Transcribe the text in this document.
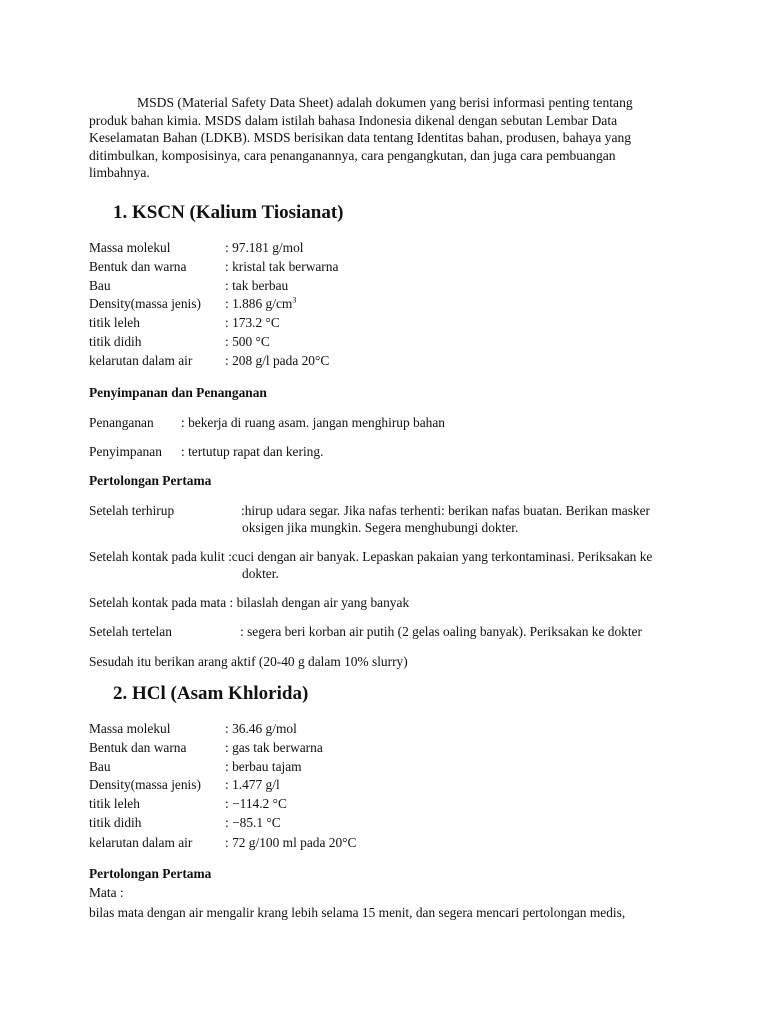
MSDS (Material Safety Data Sheet) adalah dokumen yang berisi informasi penting tentang produk bahan kimia. MSDS dalam istilah bahasa Indonesia dikenal dengan sebutan Lembar Data Keselamatan Bahan (LDKB). MSDS berisikan data tentang Identitas bahan, produsen, bahaya yang ditimbulkan, komposisinya, cara penanganannya, cara pengangkutan, dan juga cara pembuangan limbahnya.

1. KSCN (Kalium Tiosianat)
Massa molekul	: 97.181 g/mol
Bentuk dan warna	: kristal tak berwarna
Bau	: tak berbau
Density(massa jenis)	: 1.886 $g/cm^3$
titik leleh	: 173.2 °C
titik didih	: 500 °C
kelarutan dalam air	: 208 g/l pada 20°C
Penyimpanan dan Penanganan
Penanganan : bekerja di ruang asam. jangan menghirup bahan
Penyimpanan : tertutup rapat dan kering.
Pertolongan Pertama
Setelah terhirup	:hirup udara segar. Jika nafas terhenti: berikan nafas buatan. Berikan masker
oksigen jika mungkin. Segera menghubungi dokter.
Setelah kontak pada kulit :cuci dengan air banyak. Lepaskan pakaian yang terkontaminasi. Periksakan ke
dokter.
Setelah kontak pada mata : bilaslah dengan air yang banyak
Setelah tertelan	: segera beri korban air putih (2 gelas oaling banyak). Periksakan ke dokter
Sesudah itu berikan arang aktif (20-40 g dalam 10% slurry)
2. HCl (Asam Khlorida)
Massa molekul	: 36.46 g/mol
Bentuk dan warna	: gas tak berwarna
Bau	: berbau tajam
Density(massa jenis)	: 1.477 g/l
titik leleh	: −114.2 °C
titik didih	: −85.1 °C
kelarutan dalam air	: 72 g/100 ml pada 20°C
Pertolongan Pertama
Mata :
bilas mata dengan air mengalir krang lebih selama 15 menit, dan segera mencari pertolongan medis,
